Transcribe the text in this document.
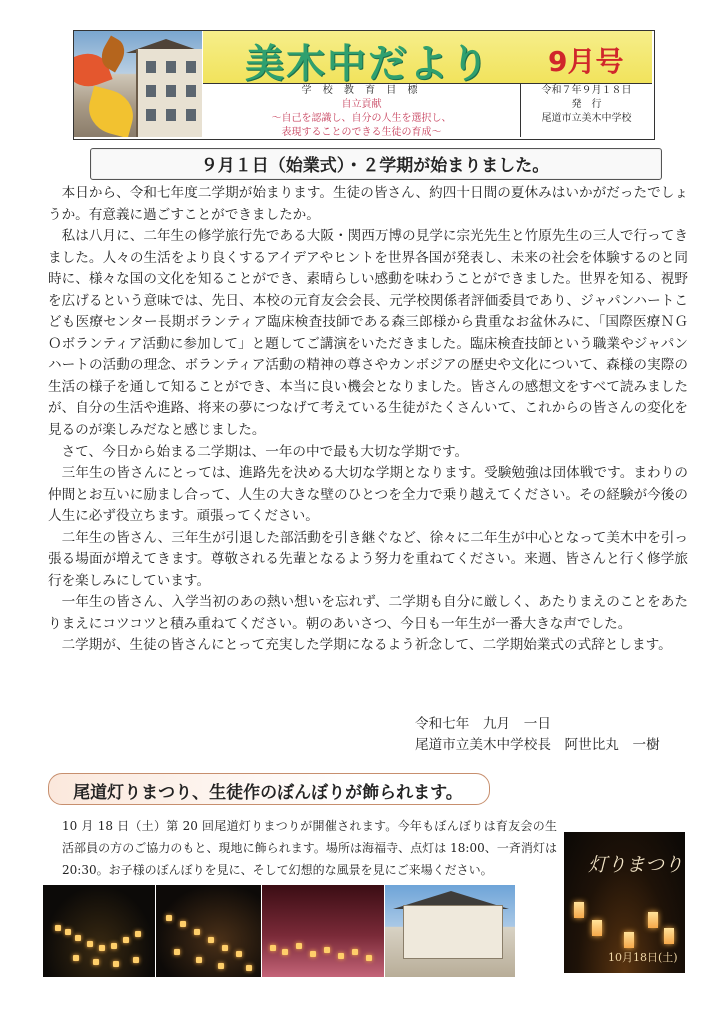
美木中だより 9月号
学 校 教 育 目 標
自立貢献
～自己を認識し、自分の人生を選択し、
表現することのできる生徒の育成～
令和７年９月１８日
発　行
尾道市立美木中学校
９月１日（始業式）・２学期が始まりました。

　本日から、令和七年度二学期が始まります。生徒の皆さん、約四十日間の夏休みはいかがだったでしょうか。有意義に過ごすことができましたか。

　私は八月に、二年生の修学旅行先である大阪・関西万博の見学に宗光先生と竹原先生の三人で行ってきました。人々の生活をより良くするアイデアやヒントを世界各国が発表し、未来の社会を体験するのと同時に、様々な国の文化を知ることができ、素晴らしい感動を味わうことができました。世界を知る、視野を広げるという意味では、先日、本校の元育友会会長、元学校関係者評価委員であり、ジャパンハートこども医療センター長期ボランティア臨床検査技師である森三郎様から貴重なお盆休みに、「国際医療ＮＧＯボランティア活動に参加して」と題してご講演をいただきました。臨床検査技師という職業やジャパンハートの活動の理念、ボランティア活動の精神の尊さやカンボジアの歴史や文化について、森様の実際の生活の様子を通して知ることができ、本当に良い機会となりました。皆さんの感想文をすべて読みましたが、自分の生活や進路、将来の夢につなげて考えている生徒がたくさんいて、これからの皆さんの変化を見るのが楽しみだなと感じました。

　さて、今日から始まる二学期は、一年の中で最も大切な学期です。

　三年生の皆さんにとっては、進路先を決める大切な学期となります。受験勉強は団体戦です。まわりの仲間とお互いに励まし合って、人生の大きな壁のひとつを全力で乗り越えてください。その経験が今後の人生に必ず役立ちます。頑張ってください。

　二年生の皆さん、三年生が引退した部活動を引き継ぐなど、徐々に二年生が中心となって美木中を引っ張る場面が増えてきます。尊敬される先輩となるよう努力を重ねてください。来週、皆さんと行く修学旅行を楽しみにしています。

　一年生の皆さん、入学当初のあの熱い想いを忘れず、二学期も自分に厳しく、あたりまえのことをあたりまえにコツコツと積み重ねてください。朝のあいさつ、今日も一年生が一番大きな声でした。

　二学期が、生徒の皆さんにとって充実した学期になるよう祈念して、二学期始業式の式辞とします。

令和七年　九月　一日
尾道市立美木中学校長　阿世比丸　一樹
尾道灯りまつり、生徒作のぼんぼりが飾られます。

10 月 18 日（土）第 20 回尾道灯りまつりが開催されます。今年もぼんぼりは育友会の生活部員の方のご協力のもと、現地に飾られます。場所は海福寺、点灯は 18:00、一斉消灯は 20:30。お子様のぼんぼりを見に、そして幻想的な風景を見にご来場ください。	灯りまつり
10月18日(土)
